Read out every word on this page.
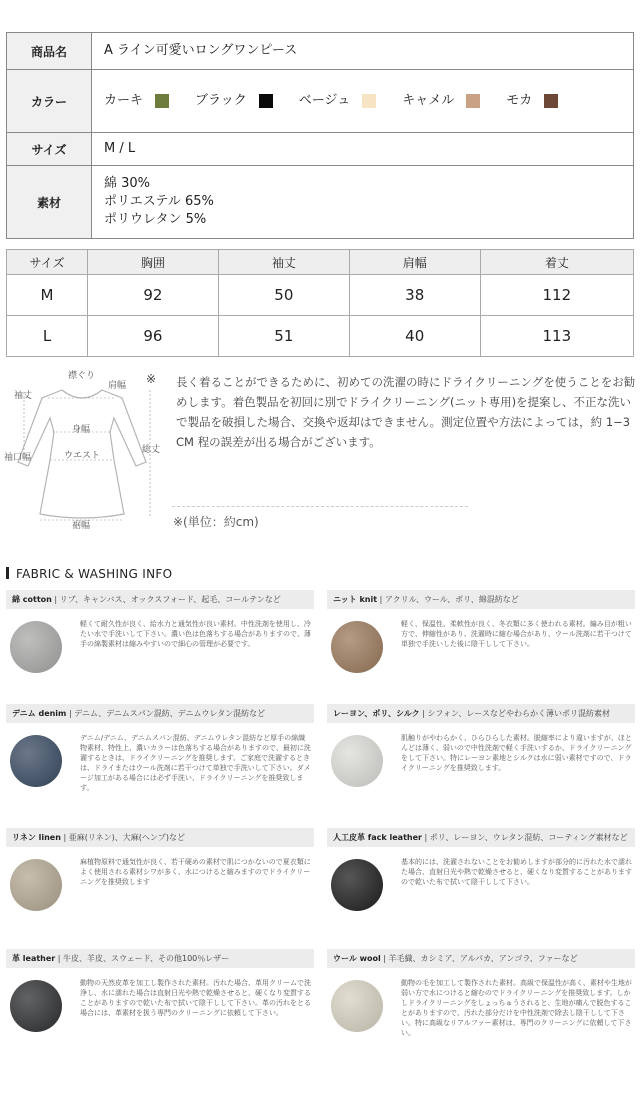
商品名	A ライン可愛いロングワンピース
カラー	カーキ	ブラック	ベージュ	キャメル	モカ
サイズ	M / L
素材
綿 30%
ポリエステル 65%
ポリウレタン 5%
サイズ	胸囲	袖丈	肩幅	着丈
M	92	50	38	112
L	96	51	40	113
襟ぐり
肩幅
袖丈
身幅
ウエスト
袖口幅
総丈
裾幅
※ 長く着ることができるために、初めての洗濯の時にドライクリーニングを使うことをお勧めします。着色製品を初回に別でドライクリーニング(ニット専用)を提案し、不正な洗いで製品を破損した場合、交換や返却はできません。測定位置や方法によっては，約 1−3 CM 程の誤差が出る場合がございます。
※(単位：約cm)
FABRIC & WASHING INFO
綿 cotton | リブ、キャンバス、オックスフォード、起毛、コールテンなど
軽くて耐久性が良く、給水力と通気性が良い素材。中性洗剤を使用し、冷たい水で手洗いして下さい。濃い色は色落ちする場合がありますので、薄手の綿製素材は縮みやすいので細心の管理が必要です。
ニット knit | アクリル、ウール、ポリ、綿混紡など
軽く、保温性、柔軟性が良く、冬衣類に多く使われる素材。編み目が粗い方で、伸縮性があり、洗濯時に縮む場合があり、ウール洗剤に若干つけて単独で手洗いした後に陰干しして下さい。
デニム denim | デニム、デニムスパン混紡、デニムウレタン混紡など
デニム/デニム、デニムスパン混紡、デニムウレタン混紡など厚手の綿織物素材、特性上、濃いカラーは色落ちする場合がありますので、最初に洗濯するときは、ドライクリーニングを推奨します。ご家庭で洗濯するときは、ドライまたはウール洗剤に若干つけて単独で手洗いして下さい。ダメージ加工がある場合には必ず手洗い、ドライクリーニングを推奨致します。
レーヨン、ポリ、シルク | シフォン、レースなどやわらかく薄いポリ混紡素材
肌触りがやわらかく、ひらひらした素材。脱縮率により違いますが、ほとんどは薄く、弱いので中性洗剤で軽く手洗いするか、ドライクリーニングをして下さい。特にレーヨン素地とシルクは水に弱い素材ですので、ドライクリーニングを推奨致します。
リネン linen | 亜麻(リネン)、大麻(ヘンプ)など
麻植物原料で通気性が良く、若干硬めの素材で肌につかないので夏衣類によく使用される素材シワが多く、水につけると縮みますのでドライクリーニングを推奨致します
人工皮革 fack leather | ポリ、レーヨン、ウレタン混紡、コーティング素材など
基本的には、洗濯されないことをお勧めしますが部分的に汚れた水で濡れた場合、直射日光や熱で乾燥させると、硬くなり変質することがありますので乾いた布で拭いて陰干しして下さい。
革 leather | 牛皮、羊皮、スウェード、その他100％レザー
動物の天然皮革を加工し製作された素材。汚れた場合、革用クリームで洗浄し、水に濡れた場合は直射日光や熱で乾燥させると、硬くなり変質することがありますので乾いた布で拭いて陰干しして下さい。革の汚れをとる場合には、革素材を扱う専門のクリーニングに依頼して下さい。
ウール wool | 羊毛織、カシミア、アルパカ、アンゴラ、ファーなど
動物の毛を加工して製作された素材。高級で保温性が高く、素材や生地が弱い方で水につけると縮むのでドライクリーニングを推奨致します。しかしドライクリーニングをしょっちゅうされると、生地が痛んで脱色することがありますので、汚れた部分だけを中性洗剤で除去し陰干しして下さい。特に高級なリアルファー素材は、専門のクリーニングに依頼して下さい。
